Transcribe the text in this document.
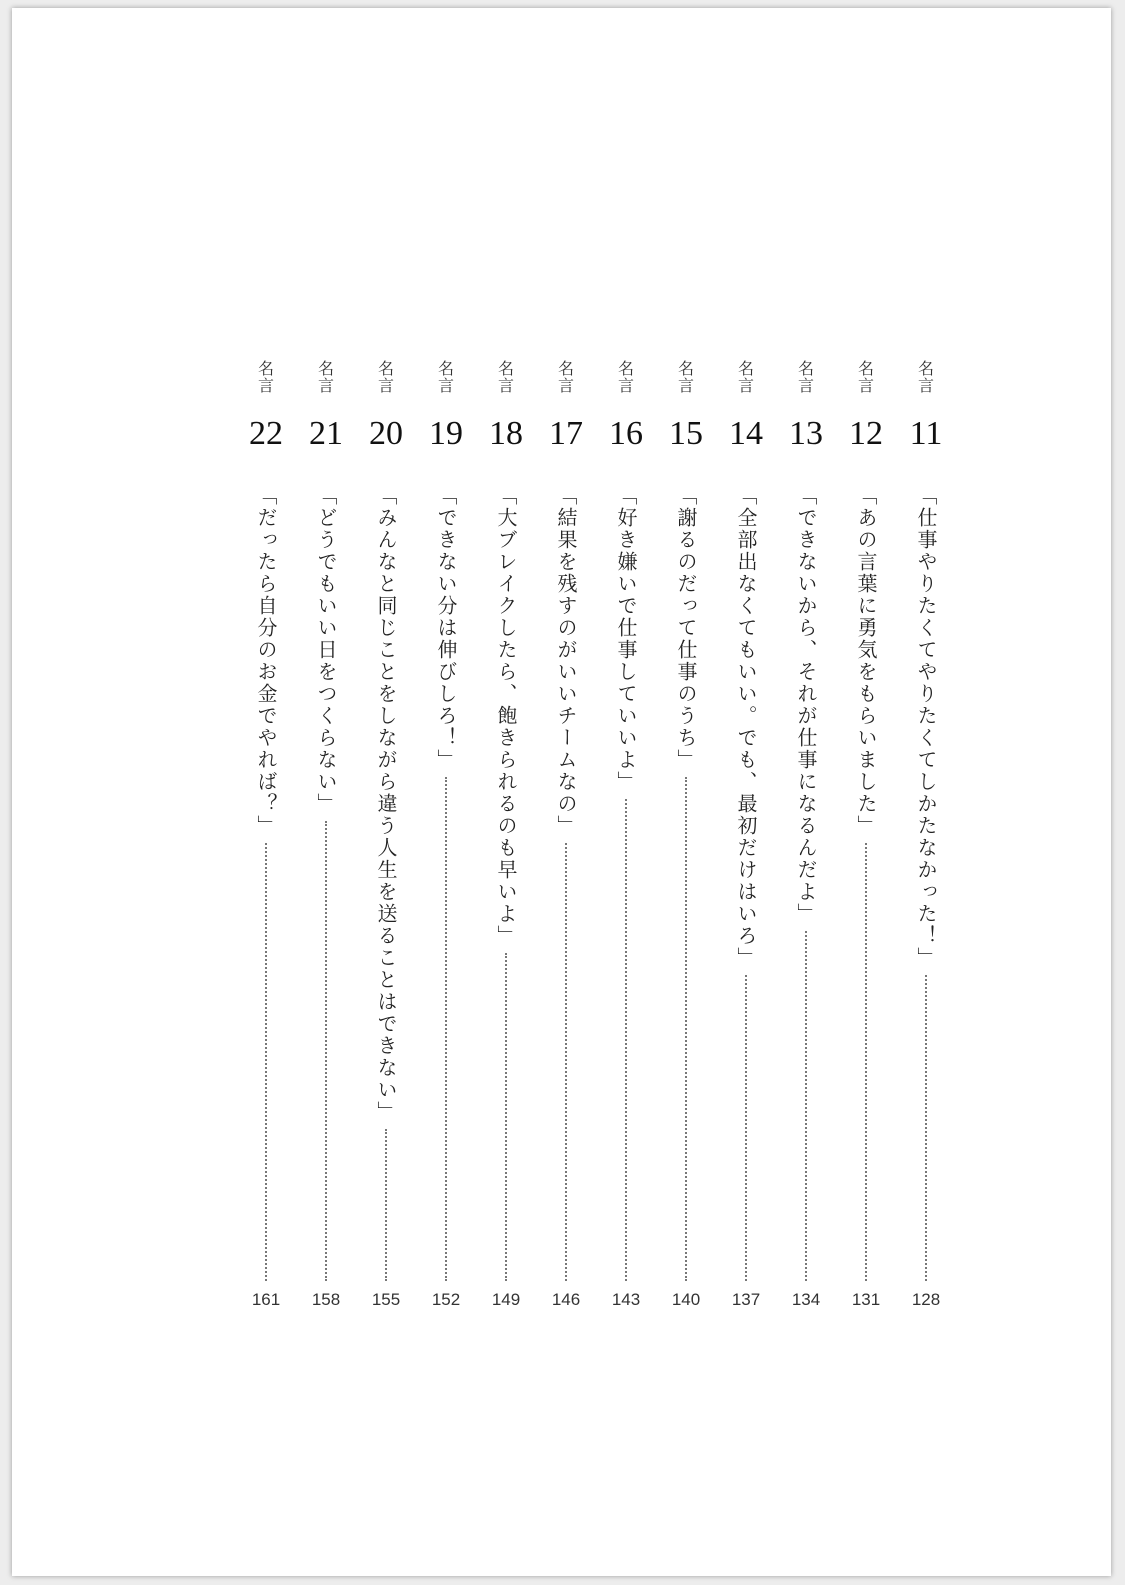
名言
11
「仕事やりたくてやりたくてしかたなかった！」
128
名言
12
「あの言葉に勇気をもらいました」
131
名言
13
「できないから、それが仕事になるんだよ」
134
名言
14
「全部出なくてもいい。でも、最初だけはいろ」
137
名言
15
「謝るのだって仕事のうち」
140
名言
16
「好き嫌いで仕事していいよ」
143
名言
17
「結果を残すのがいいチームなの」
146
名言
18
「大ブレイクしたら、飽きられるのも早いよ」
149
名言
19
「できない分は伸びしろ！」
152
名言
20
「みんなと同じことをしながら違う人生を送ることはできない」
155
名言
21
「どうでもいい日をつくらない」
158
名言
22
「だったら自分のお金でやれば？」
161
